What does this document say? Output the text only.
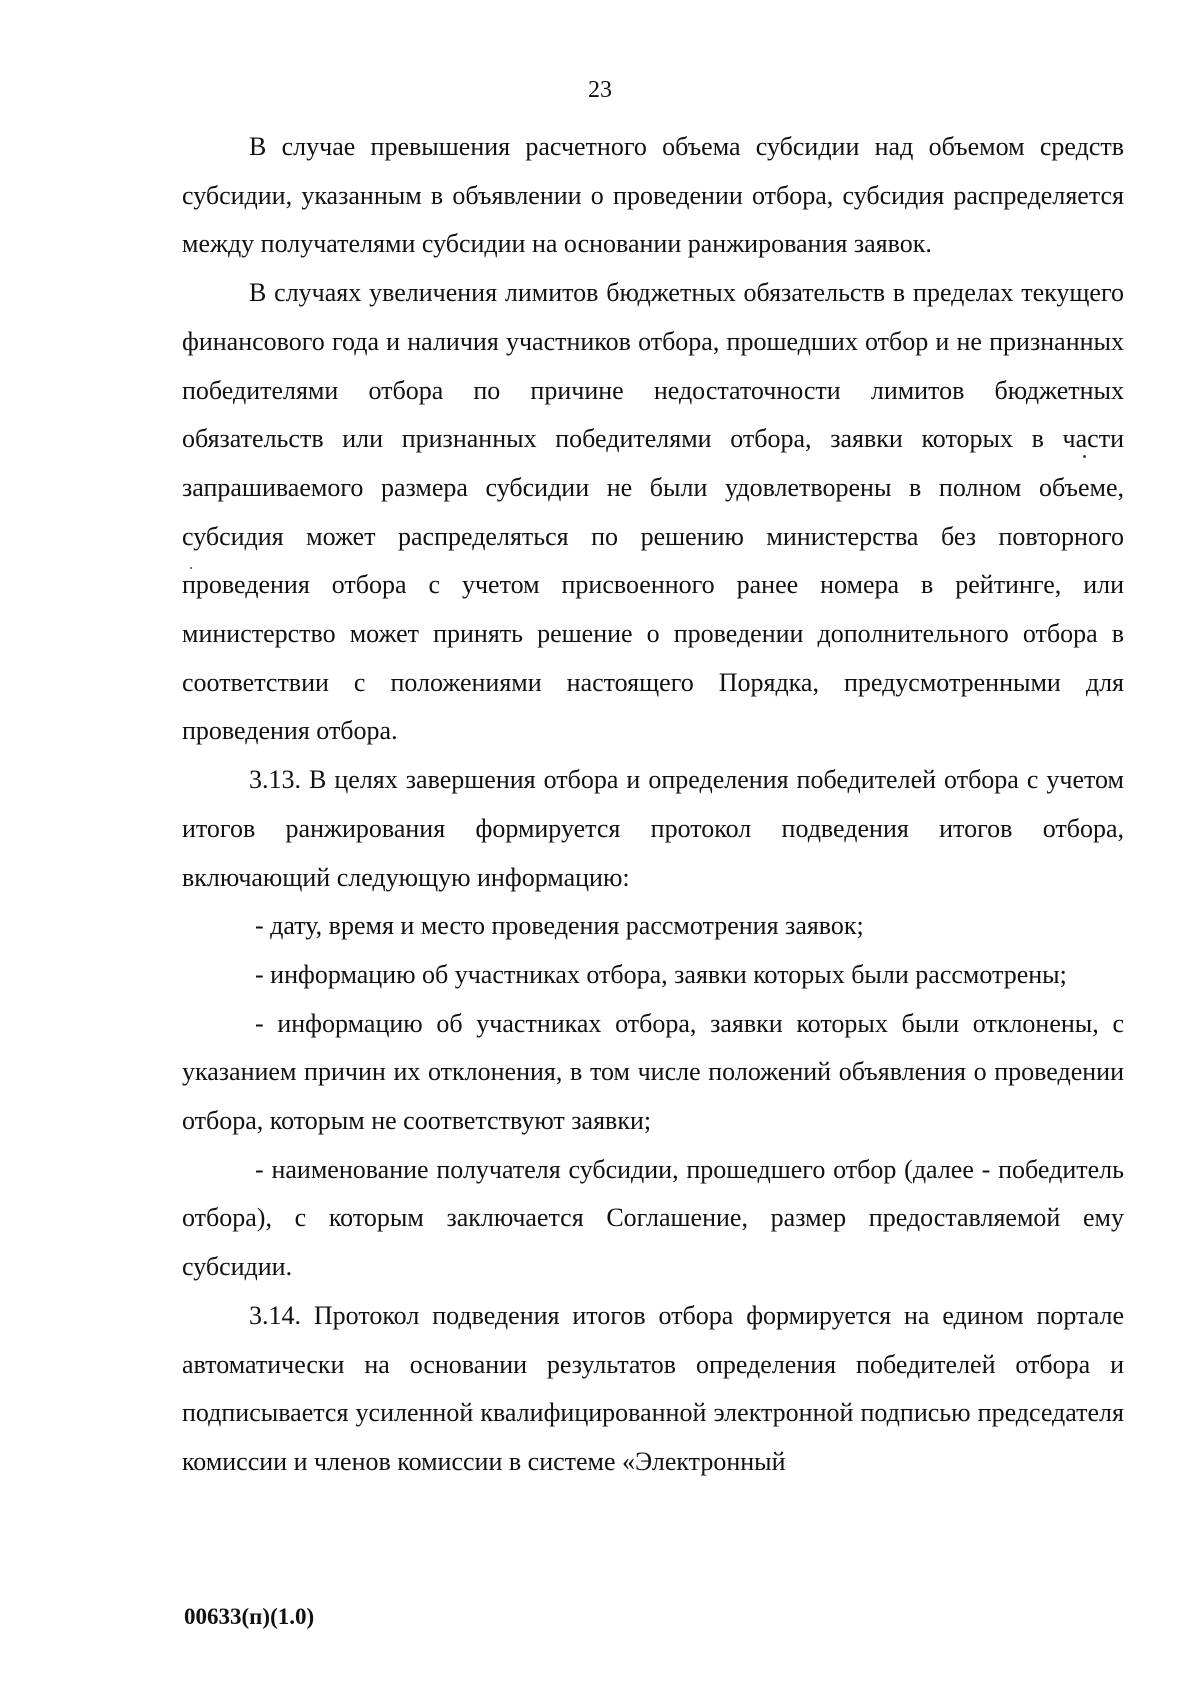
23

В случае превышения расчетного объема субсидии над объемом средств субсидии, указанным в объявлении о проведении отбора, субсидия распределяется между получателями субсидии на основании ранжирования заявок.

В случаях увеличения лимитов бюджетных обязательств в пределах текущего финансового года и наличия участников отбора, прошедших отбор и не признанных победителями отбора по причине недостаточности лимитов бюджетных обязательств или признанных победителями отбора, заявки которых в части запрашиваемого размера субсидии не были удовлетворены в полном объеме, субсидия может распределяться по решению министерства без повторного проведения отбора с учетом присвоенного ранее номера в рейтинге, или министерство может принять решение о проведении дополнительного отбора в соответствии с положениями настоящего Порядка, предусмотренными для проведения отбора.

3.13. В целях завершения отбора и определения победителей отбора с учетом итогов ранжирования формируется протокол подведения итогов отбора, включающий следующую информацию:

- дату, время и место проведения рассмотрения заявок;

- информацию об участниках отбора, заявки которых были рассмотрены;

- информацию об участниках отбора, заявки которых были отклонены, с указанием причин их отклонения, в том числе положений объявления о проведении отбора, которым не соответствуют заявки;

- наименование получателя субсидии, прошедшего отбор (далее - победитель отбора), с которым заключается Соглашение, размер предоставляемой ему субсидии.

3.14. Протокол подведения итогов отбора формируется на едином портале автоматически на основании результатов определения победителей отбора и подписывается усиленной квалифицированной электронной подписью председателя комиссии и членов комиссии в системе «Электронный

00633(п)(1.0)
